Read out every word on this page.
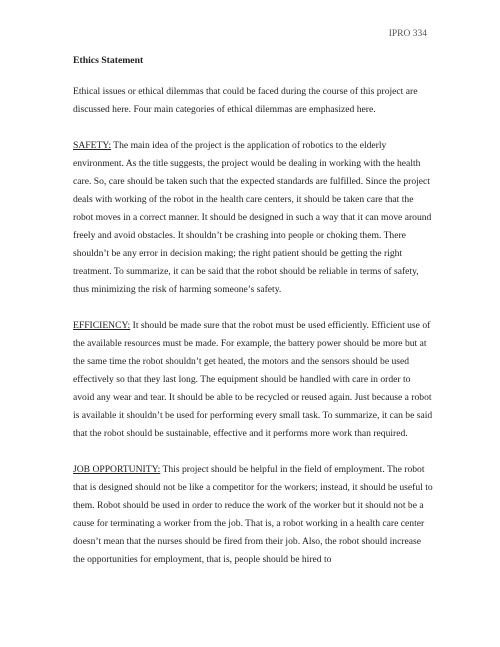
IPRO 334
Ethics Statement

Ethical issues or ethical dilemmas that could be faced during the course of this project are discussed here. Four main categories of ethical dilemmas are emphasized here.

SAFETY: The main idea of the project is the application of robotics to the elderly environment. As the title suggests, the project would be dealing in working with the health care. So, care should be taken such that the expected standards are fulfilled. Since the project deals with working of the robot in the health care centers, it should be taken care that the robot moves in a correct manner. It should be designed in such a way that it can move around freely and avoid obstacles. It shouldn’t be crashing into people or choking them. There shouldn’t be any error in decision making; the right patient should be getting the right treatment. To summarize, it can be said that the robot should be reliable in terms of safety, thus minimizing the risk of harming someone’s safety.

EFFICIENCY: It should be made sure that the robot must be used efficiently. Efficient use of the available resources must be made. For example, the battery power should be more but at the same time the robot shouldn’t get heated, the motors and the sensors should be used effectively so that they last long. The equipment should be handled with care in order to avoid any wear and tear. It should be able to be recycled or reused again. Just because a robot is available it shouldn’t be used for performing every small task. To summarize, it can be said that the robot should be sustainable, effective and it performs more work than required.

JOB OPPORTUNITY: This project should be helpful in the field of employment. The robot that is designed should not be like a competitor for the workers; instead, it should be useful to them. Robot should be used in order to reduce the work of the worker but it should not be a cause for terminating a worker from the job. That is, a robot working in a health care center doesn’t mean that the nurses should be fired from their job. Also, the robot should increase the opportunities for employment, that is, people should be hired to
